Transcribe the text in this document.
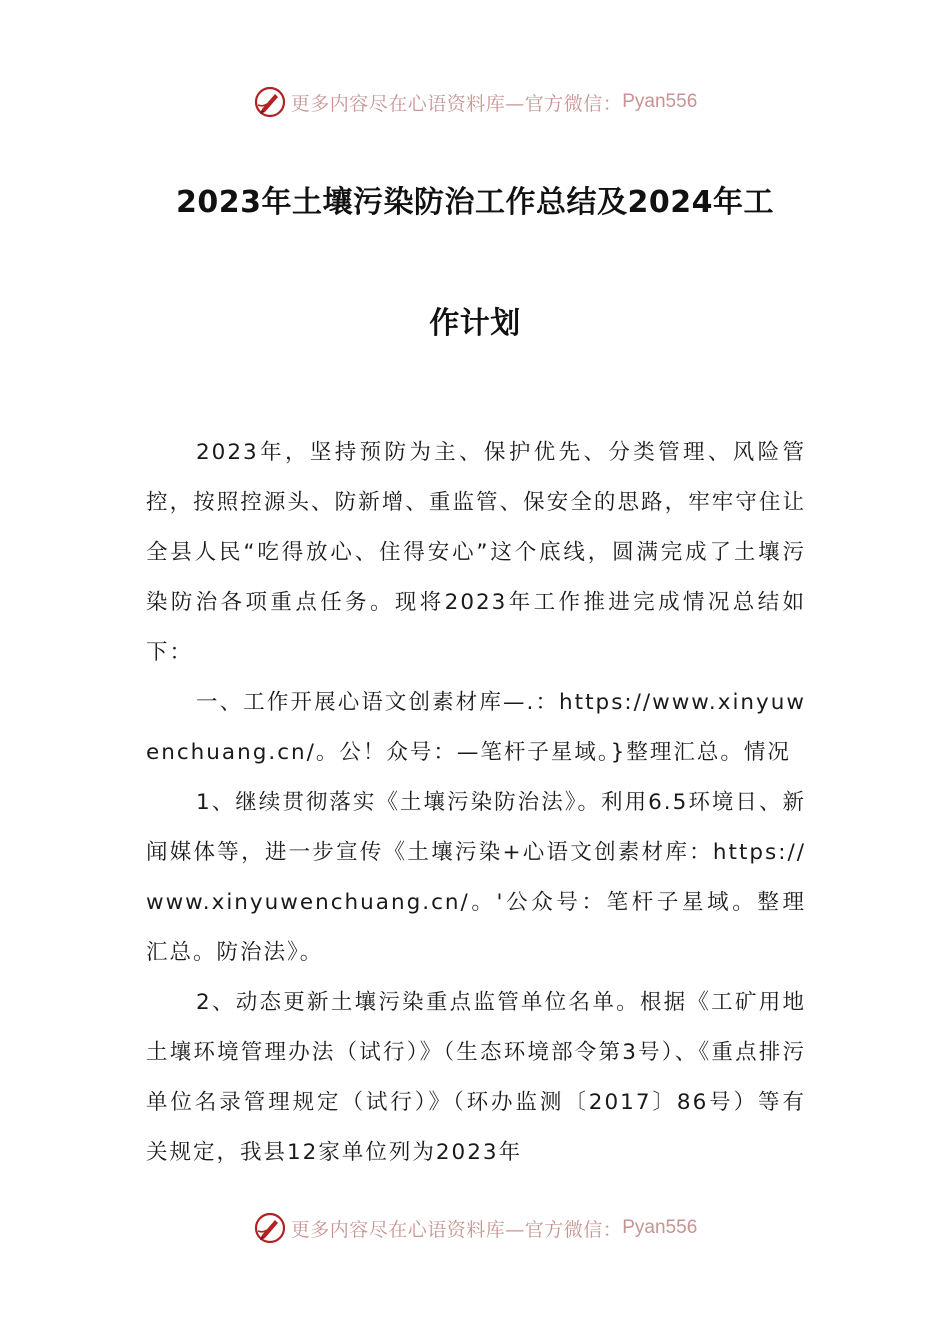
更多内容尽在心语资料库—官方微信： Pyan556
2023年土壤污染防治工作总结及2024年工
作计划

2023年，坚持预防为主、保护优先、分类管理、风险管控，按照控源头、防新增、重监管、保安全的思路，牢牢守住让全县人民“吃得放心、住得安心”这个底线，圆满完成了土壤污染防治各项重点任务。现将2023年工作推进完成情况总结如下：

一、工作开展心语文创素材库—.：https://www.xinyuwenchuang.cn/。公！众号：—笔杆子星域。}整理汇总。情况

1、继续贯彻落实《土壤污染防治法》。利用6.5环境日、新闻媒体等，进一步宣传《土壤污染+心语文创素材库：https://www.xinyuwenchuang.cn/。'公众号：笔杆子星域。整理汇总。防治法》。

2、动态更新土壤污染重点监管单位名单。根据《工矿用地土壤环境管理办法（试行）》（生态环境部令第3号）、《重点排污单位名录管理规定（试行）》（环办监测〔2017〕86号）等有关规定，我县12家单位列为2023年

更多内容尽在心语资料库—官方微信： Pyan556
